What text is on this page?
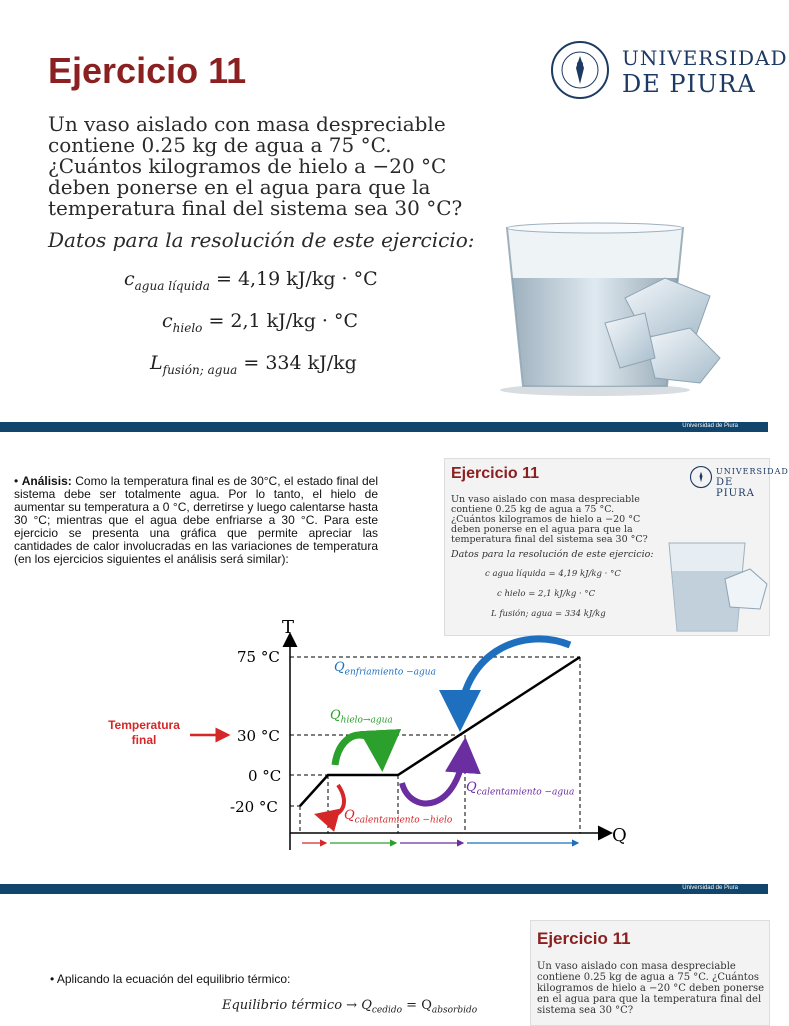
Ejercicio 11	UNIVERSIDAD
DE PIURA
Un vaso aislado con masa despreciable contiene 0.25 kg de agua a 75 °C. ¿Cuántos kilogramos de hielo a −20 °C deben ponerse en el agua para que la temperatura final del sistema sea 30 °C?
Datos para la resolución de este ejercicio:
$c_{agua líquida} = 4,19$ kJ/kg · °C
$c_{hielo} = 2,1$ kJ/kg · °C
$L_{fusión; agua} = 334$ kJ/kg
Universidad de Piura
• Análisis: Como la temperatura final es de 30°C, el estado final del sistema debe ser totalmente agua. Por lo tanto, el hielo de aumentar su temperatura a 0 °C, derretirse y luego calentarse hasta 30 °C; mientras que el agua debe enfriarse a 30 °C. Para este ejercicio se presenta una gráfica que permite apreciar las cantidades de calor involucradas en las variaciones de temperatura (en los ejercicios siguientes el análisis será similar):
Ejercicio 11	UNIVERSIDAD
DE PIURA
Un vaso aislado con masa despreciable contiene 0.25 kg de agua a 75 °C. ¿Cuántos kilogramos de hielo a −20 °C deben ponerse en el agua para que la temperatura final del sistema sea 30 °C?
Datos para la resolución de este ejercicio:
c agua líquida = 4,19 kJ/kg · °C
c hielo = 2,1 kJ/kg · °C
L fusión; agua = 334 kJ/kg
T
Q
75 °C
30 °C
0 °C
-20 °C
Temperatura
final
$Q_{enfriamiento -agua}$
$Q_{hielo\to agua}$
$Q_{calentamiento -agua}$
$Q_{calentamiento -hielo}$
Universidad de Piura
• Aplicando la ecuación del equilibrio térmico:
Equilibrio térmico → $Q_{cedido} = Q_{absorbido}$
Ejercicio 11
Un vaso aislado con masa despreciable contiene 0.25 kg de agua a 75 °C. ¿Cuántos kilogramos de hielo a −20 °C deben ponerse en el agua para que la temperatura final del sistema sea 30 °C?
